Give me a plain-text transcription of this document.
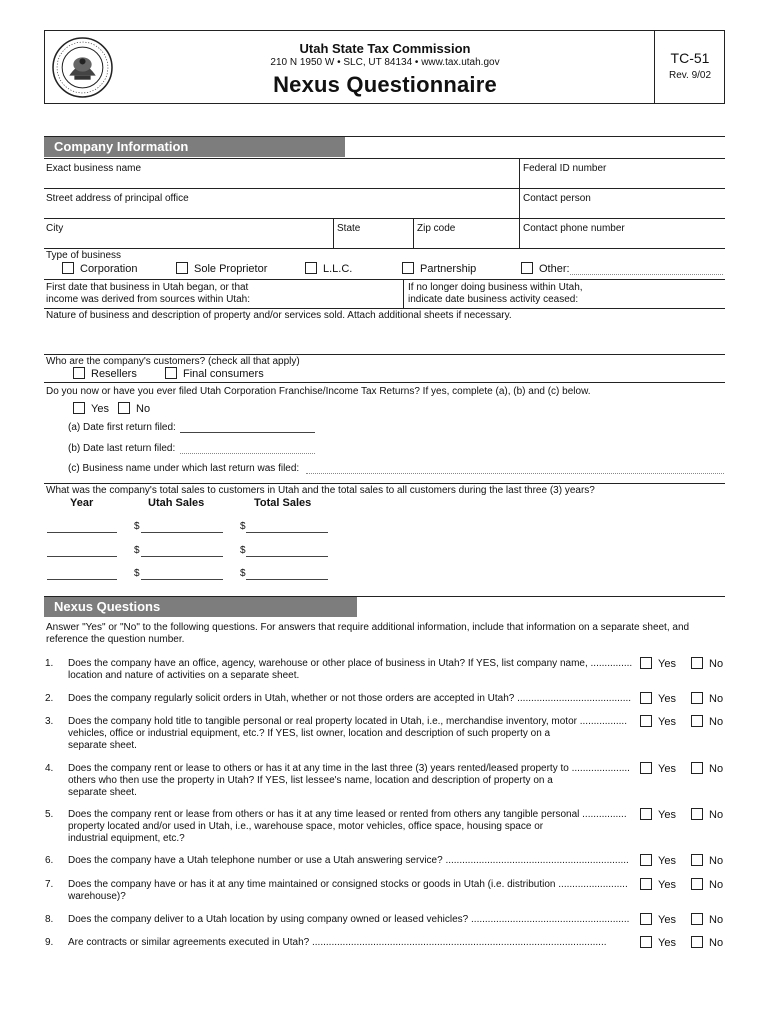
Utah State Tax Commission
210 N 1950 W • SLC, UT 84134 • www.tax.utah.gov
Nexus Questionnaire
TC-51
Rev. 9/02
Company Information
Exact business name	Federal ID number
Street address of principal office	Contact person
City	State	Zip code	Contact phone number
Type of business
Corporation	Sole Proprietor	L.L.C.	Partnership	Other:
First date that business in Utah began, or that
income was derived from sources within Utah:
If no longer doing business within Utah,
indicate date business activity ceased:
Nature of business and description of property and/or services sold. Attach additional sheets if necessary.
Who are the company's customers? (check all that apply)
Resellers	Final consumers
Do you now or have you ever filed Utah Corporation Franchise/Income Tax Returns? If yes, complete (a), (b) and (c) below.
Yes	No
(a) Date first return filed:
(b) Date last return filed:
(c) Business name under which last return was filed:
What was the company's total sales to customers in Utah and the total sales to all customers during the last three (3) years?
Year	Utah Sales	Total Sales
$	$
$	$
$	$
Nexus Questions
Answer "Yes" or "No" to the following questions. For answers that require additional information, include that information on a separate sheet, and
reference the question number.
1. Does the company have an office, agency, warehouse or other place of business in Utah? If YES, list company name, ...............
location and nature of activities on a separate sheet.
Yes	No
2. Does the company regularly solicit orders in Utah, whether or not those orders are accepted in Utah? .........................................	Yes	No
3. Does the company hold title to tangible personal or real property located in Utah, i.e., merchandise inventory, motor .................
vehicles, office or industrial equipment, etc.? If YES, list owner, location and description of such property on a
separate sheet.
Yes	No
4. Does the company rent or lease to others or has it at any time in the last three (3) years rented/leased property to .....................
others who then use the property in Utah? If YES, list lessee's name, location and description of property on a
separate sheet.
Yes	No
5. Does the company rent or lease from others or has it at any time leased or rented from others any tangible personal ................
property located and/or used in Utah, i.e., warehouse space, motor vehicles, office space, housing space or
industrial equipment, etc.?
Yes	No
6. Does the company have a Utah telephone number or use a Utah answering service? ..................................................................	Yes	No
7. Does the company have or has it at any time maintained or consigned stocks or goods in Utah (i.e. distribution .........................
warehouse)?
Yes	No
8. Does the company deliver to a Utah location by using company owned or leased vehicles? .........................................................	Yes	No
9. Are contracts or similar agreements executed in Utah? ..........................................................................................................	Yes	No
